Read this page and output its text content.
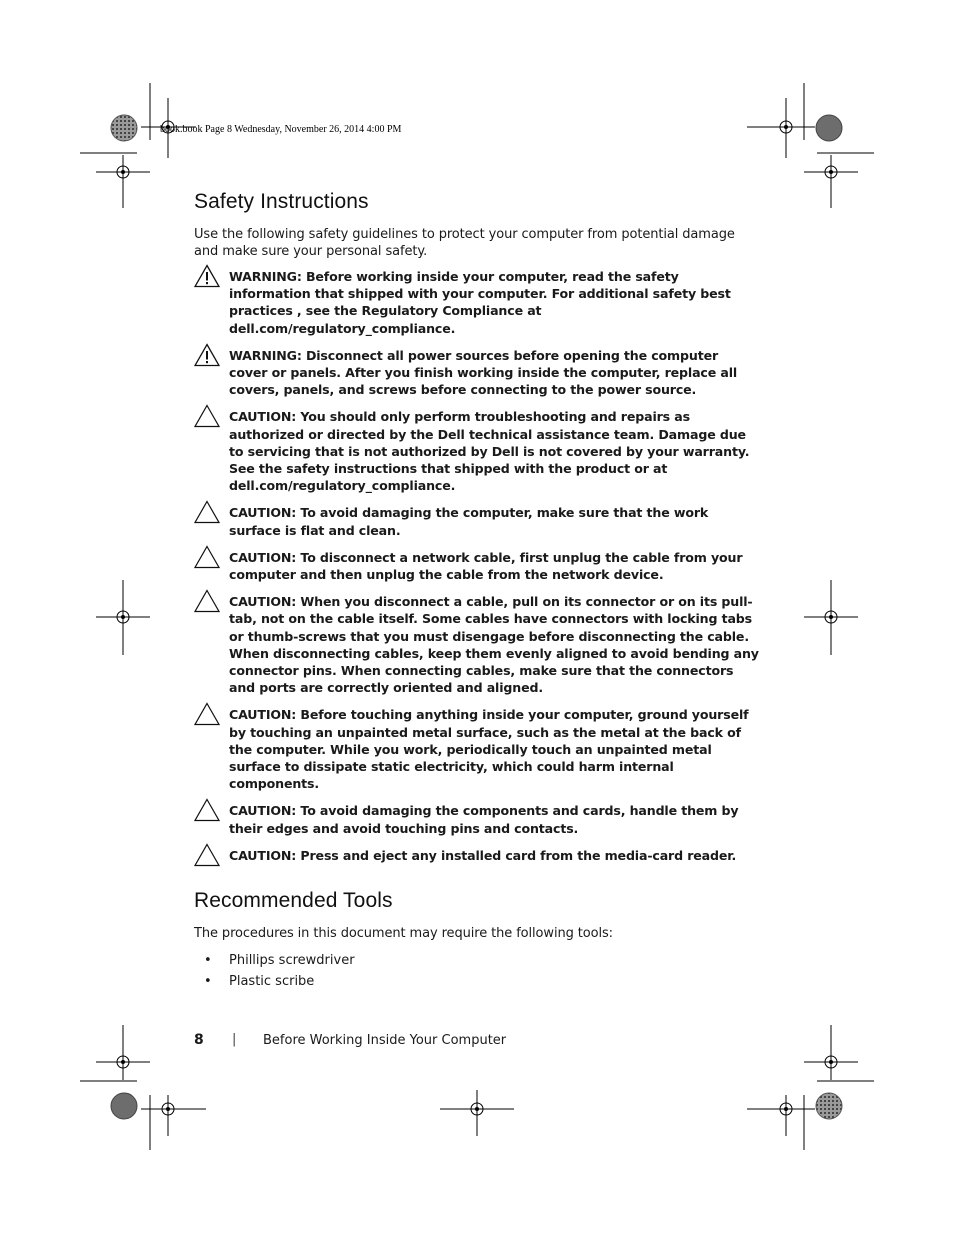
book.book Page 8 Wednesday, November 26, 2014 4:00 PM
Safety Instructions

Use the following safety guidelines to protect your computer from potential damage and make sure your personal safety.

WARNING: Before working inside your computer, read the safety information that shipped with your computer. For additional safety best practices , see the Regulatory Compliance at dell.com/regulatory_compliance.
WARNING: Disconnect all power sources before opening the computer cover or panels. After you finish working inside the computer, replace all covers, panels, and screws before connecting to the power source.
CAUTION: You should only perform troubleshooting and repairs as authorized or directed by the Dell technical assistance team. Damage due to servicing that is not authorized by Dell is not covered by your warranty.
See the safety instructions that shipped with the product or at dell.com/regulatory_compliance.
CAUTION: To avoid damaging the computer, make sure that the work surface is flat and clean.
CAUTION: To disconnect a network cable, first unplug the cable from your computer and then unplug the cable from the network device.
CAUTION: When you disconnect a cable, pull on its connector or on its pull-tab, not on the cable itself. Some cables have connectors with locking tabs or thumb-screws that you must disengage before disconnecting the cable.
When disconnecting cables, keep them evenly aligned to avoid bending any connector pins. When connecting cables, make sure that the connectors and ports are correctly oriented and aligned.
CAUTION: Before touching anything inside your computer, ground yourself by touching an unpainted metal surface, such as the metal at the back of the computer. While you work, periodically touch an unpainted metal surface to dissipate static electricity, which could harm internal components.
CAUTION: To avoid damaging the components and cards, handle them by their edges and avoid touching pins and contacts.
CAUTION: Press and eject any installed card from the media-card reader.
Recommended Tools

The procedures in this document may require the following tools:

• Phillips screwdriver
• Plastic scribe
8 | Before Working Inside Your Computer
